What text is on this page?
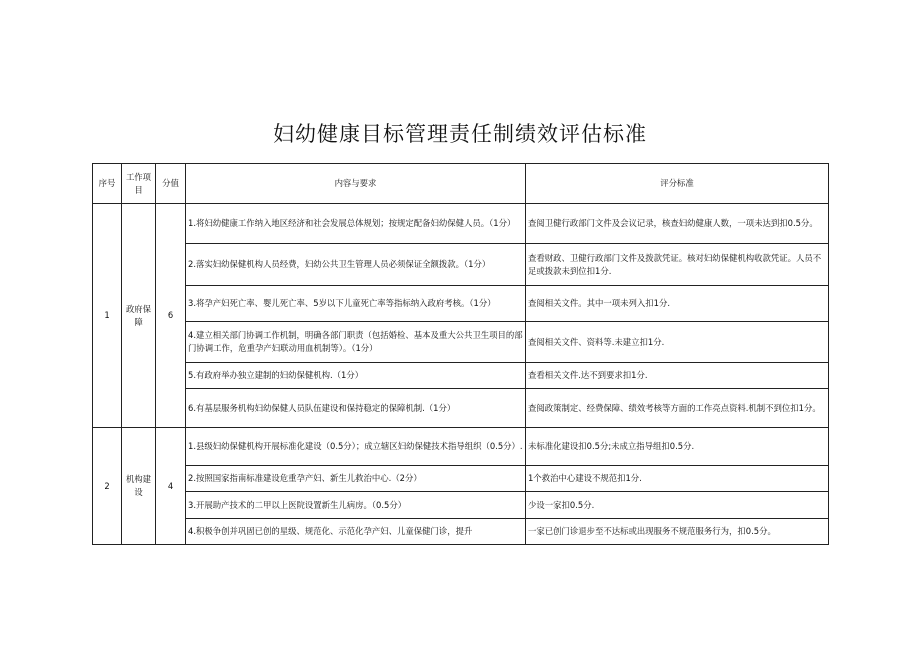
妇幼健康目标管理责任制绩效评估标准
序号	工作项目	分值	内容与要求	评分标准
1	政府保障	6	1.将妇幼健康工作纳入地区经济和社会发展总体规划；按规定配备妇幼保健人员。（1分）	查阅卫健行政部门文件及会议记录，核查妇幼健康人数，一项未达到扣0.5分。
			2.落实妇幼保健机构人员经费，妇幼公共卫生管理人员必须保证全额拨款。（1分）	查看财政、卫健行政部门文件及拨款凭证。核对妇幼保健机构收款凭证。人员不足或拨款未到位扣1分.
			3.将孕产妇死亡率、婴儿死亡率、5岁以下儿童死亡率等指标纳入政府考核。（1分）	查阅相关文件。其中一项未列入扣1分.
			4.建立相关部门协调工作机制，明确各部门职责（包括婚检、基本及重大公共卫生项目的部门协调工作，危重孕产妇联动用血机制等）。（1分）	查阅相关文件、资料等.未建立扣1分.
			5.有政府举办独立建制的妇幼保健机构.（1分）	查看相关文件.达不到要求扣1分.
			6.有基层服务机构妇幼保健人员队伍建设和保持稳定的保障机制.（1分）	查阅政策制定、经费保障、绩效考核等方面的工作亮点资料.机制不到位扣1分。
2	机构建设	4	1.县级妇幼保健机构开展标准化建设（0.5分）；成立辖区妇幼保健技术指导组织（0.5分）.	未标准化建设扣0.5分;未成立指导组扣0.5分.
			2.按照国家指南标准建设危重孕产妇、新生儿救治中心.（2分）	1个救治中心建设不规范扣1分.
			3.开展助产技术的二甲以上医院设置新生儿病房。（0.5分）	少设一家扣0.5分.
			4.积极争创并巩固已创的星级、规范化、示范化孕产妇、儿童保健门诊，提升	一家已创门诊退步至不达标或出现服务不规范服务行为，扣0.5分。
